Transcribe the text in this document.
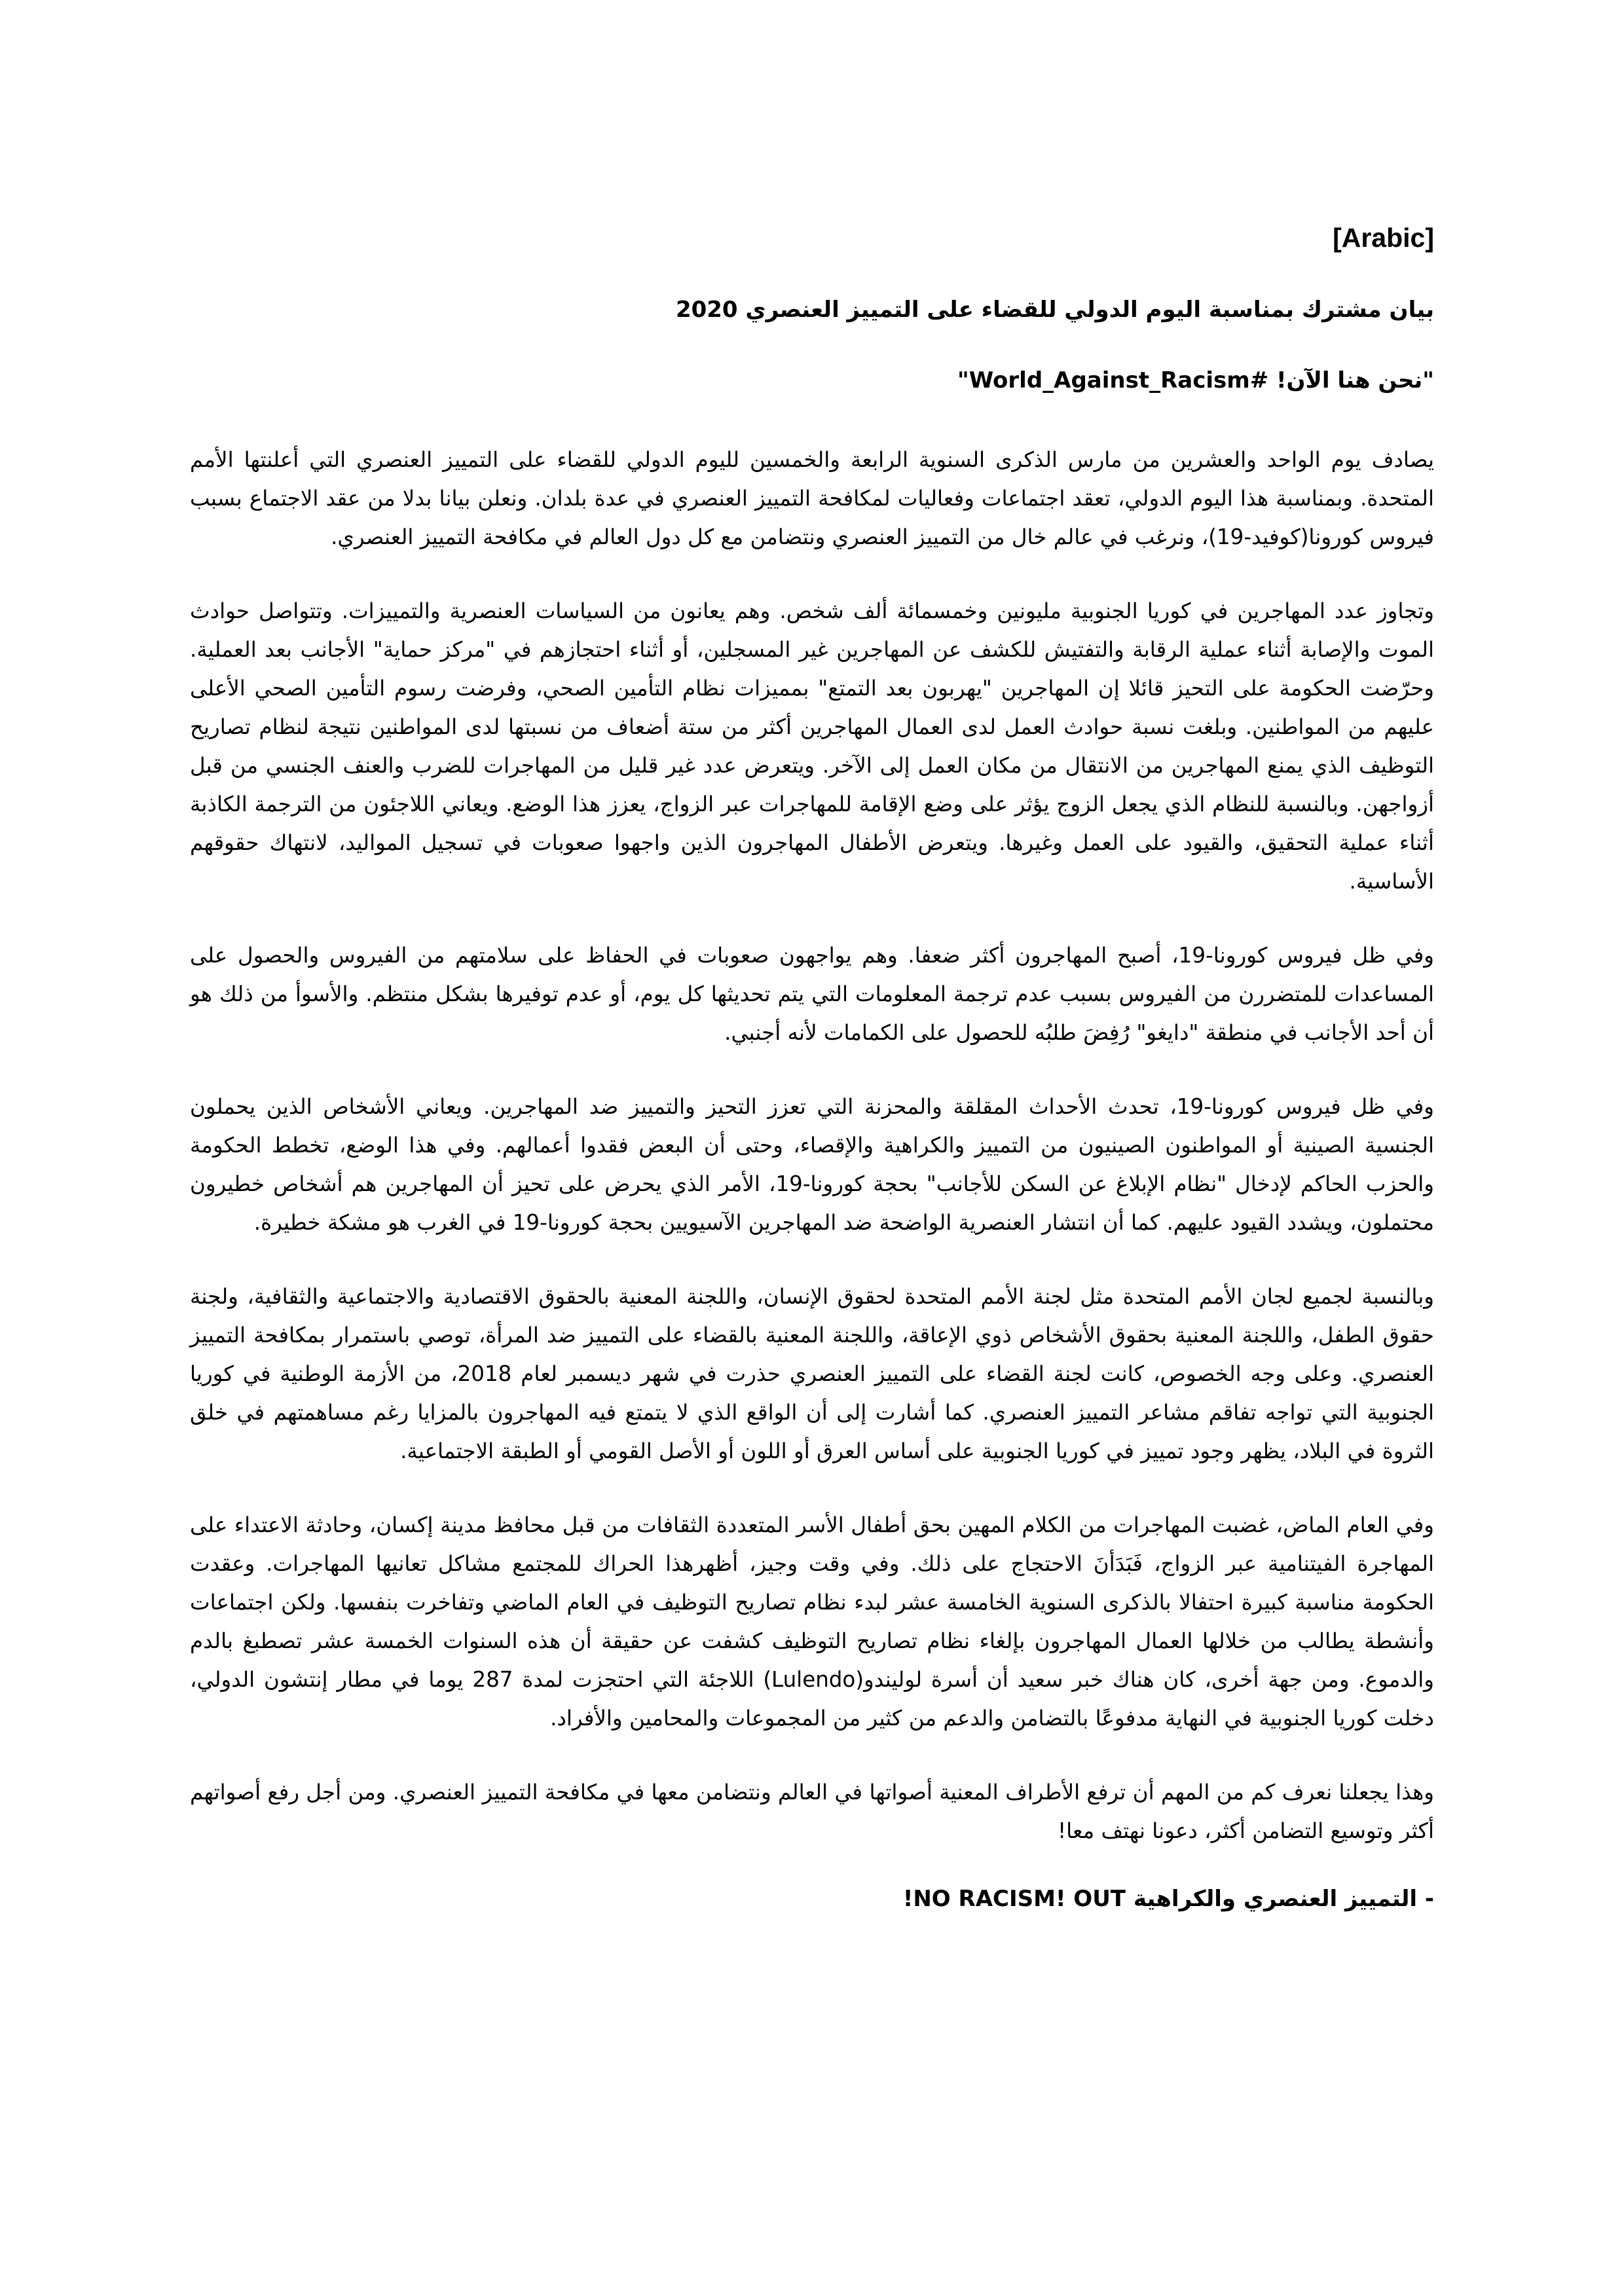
[Arabic]
بيان مشترك بمناسبة اليوم الدولي للقضاء على التمييز العنصري 2020
"نحن هنا الآن! #World_Against_Racism"

يصادف يوم الواحد والعشرين من مارس الذكرى السنوية الرابعة والخمسين لليوم الدولي للقضاء على التمييز العنصري التي أعلنتها الأمم المتحدة. وبمناسبة هذا اليوم الدولي، تعقد اجتماعات وفعاليات لمكافحة التمييز العنصري في عدة بلدان. ونعلن بيانا بدلا من عقد الاجتماع بسبب فيروس كورونا(كوفيد-19)، ونرغب في عالم خال من التمييز العنصري ونتضامن مع كل دول العالم في مكافحة التمييز العنصري.

وتجاوز عدد المهاجرين في كوريا الجنوبية مليونين وخمسمائة ألف شخص. وهم يعانون من السياسات العنصرية والتمييزات. وتتواصل حوادث الموت والإصابة أثناء عملية الرقابة والتفتيش للكشف عن المهاجرين غير المسجلين، أو أثناء احتجازهم في "مركز حماية" الأجانب بعد العملية. وحرّضت الحكومة على التحيز قائلا إن المهاجرين "يهربون بعد التمتع" بمميزات نظام التأمين الصحي، وفرضت رسوم التأمين الصحي الأعلى عليهم من المواطنين. وبلغت نسبة حوادث العمل لدى العمال المهاجرين أكثر من ستة أضعاف من نسبتها لدى المواطنين نتيجة لنظام تصاريح التوظيف الذي يمنع المهاجرين من الانتقال من مكان العمل إلى الآخر. ويتعرض عدد غير قليل من المهاجرات للضرب والعنف الجنسي من قبل أزواجهن. وبالنسبة للنظام الذي يجعل الزوج يؤثر على وضع الإقامة للمهاجرات عبر الزواج، يعزز هذا الوضع. ويعاني اللاجئون من الترجمة الكاذبة أثناء عملية التحقيق، والقيود على العمل وغيرها. ويتعرض الأطفال المهاجرون الذين واجهوا صعوبات في تسجيل المواليد، لانتهاك حقوقهم الأساسية.

وفي ظل فيروس كورونا-19، أصبح المهاجرون أكثر ضعفا. وهم يواجهون صعوبات في الحفاظ على سلامتهم من الفيروس والحصول على المساعدات للمتضررن من الفيروس بسبب عدم ترجمة المعلومات التي يتم تحديثها كل يوم، أو عدم توفيرها بشكل منتظم. والأسوأ من ذلك هو أن أحد الأجانب في منطقة "دايغو" رُفِضَ طلبُه للحصول على الكمامات لأنه أجنبي.

وفي ظل فيروس كورونا-19، تحدث الأحداث المقلقة والمحزنة التي تعزز التحيز والتمييز ضد المهاجرين. ويعاني الأشخاص الذين يحملون الجنسية الصينية أو المواطنون الصينيون من التمييز والكراهية والإقصاء، وحتى أن البعض فقدوا أعمالهم. وفي هذا الوضع، تخطط الحكومة والحزب الحاكم لإدخال "نظام الإبلاغ عن السكن للأجانب" بحجة كورونا-19، الأمر الذي يحرض على تحيز أن المهاجرين هم أشخاص خطيرون محتملون، ويشدد القيود عليهم. كما أن انتشار العنصرية الواضحة ضد المهاجرين الآسيويين بحجة كورونا-19 في الغرب هو مشكة خطيرة.

وبالنسبة لجميع لجان الأمم المتحدة مثل لجنة الأمم المتحدة لحقوق الإنسان، واللجنة المعنية بالحقوق الاقتصادية والاجتماعية والثقافية، ولجنة حقوق الطفل، واللجنة المعنية بحقوق الأشخاص ذوي الإعاقة، واللجنة المعنية بالقضاء على التمييز ضد المرأة، توصي باستمرار بمكافحة التمييز العنصري. وعلى وجه الخصوص، كانت لجنة القضاء على التمييز العنصري حذرت في شهر ديسمبر لعام 2018، من الأزمة الوطنية في كوريا الجنوبية التي تواجه تفاقم مشاعر التمييز العنصري. كما أشارت إلى أن الواقع الذي لا يتمتع فيه المهاجرون بالمزايا رغم مساهمتهم في خلق الثروة في البلاد، يظهر وجود تمييز في كوريا الجنوبية على أساس العرق أو اللون أو الأصل القومي أو الطبقة الاجتماعية.

وفي العام الماض، غضبت المهاجرات من الكلام المهين بحق أطفال الأسر المتعددة الثقافات من قبل محافظ مدينة إكسان، وحادثة الاعتداء على المهاجرة الفيتنامية عبر الزواج، فَبَدَأنَ الاحتجاج على ذلك. وفي وقت وجيز، أظهرهذا الحراك للمجتمع مشاكل تعانيها المهاجرات. وعقدت الحكومة مناسبة كبيرة احتفالا بالذكرى السنوية الخامسة عشر لبدء نظام تصاريح التوظيف في العام الماضي وتفاخرت بنفسها. ولكن اجتماعات وأنشطة يطالب من خلالها العمال المهاجرون بإلغاء نظام تصاريح التوظيف كشفت عن حقيقة أن هذه السنوات الخمسة عشر تصطبغ بالدم والدموع. ومن جهة أخرى، كان هناك خبر سعيد أن أسرة لوليندو(Lulendo) اللاجئة التي احتجزت لمدة 287 يوما في مطار إنتشون الدولي، دخلت كوريا الجنوبية في النهاية مدفوعًا بالتضامن والدعم من كثير من المجموعات والمحامين والأفراد.

وهذا يجعلنا نعرف كم من المهم أن ترفع الأطراف المعنية أصواتها في العالم ونتضامن معها في مكافحة التمييز العنصري. ومن أجل رفع أصواتهم أكثر وتوسيع التضامن أكثر، دعونا نهتف معا!

- التمييز العنصري والكراهية NO RACISM! OUT!
